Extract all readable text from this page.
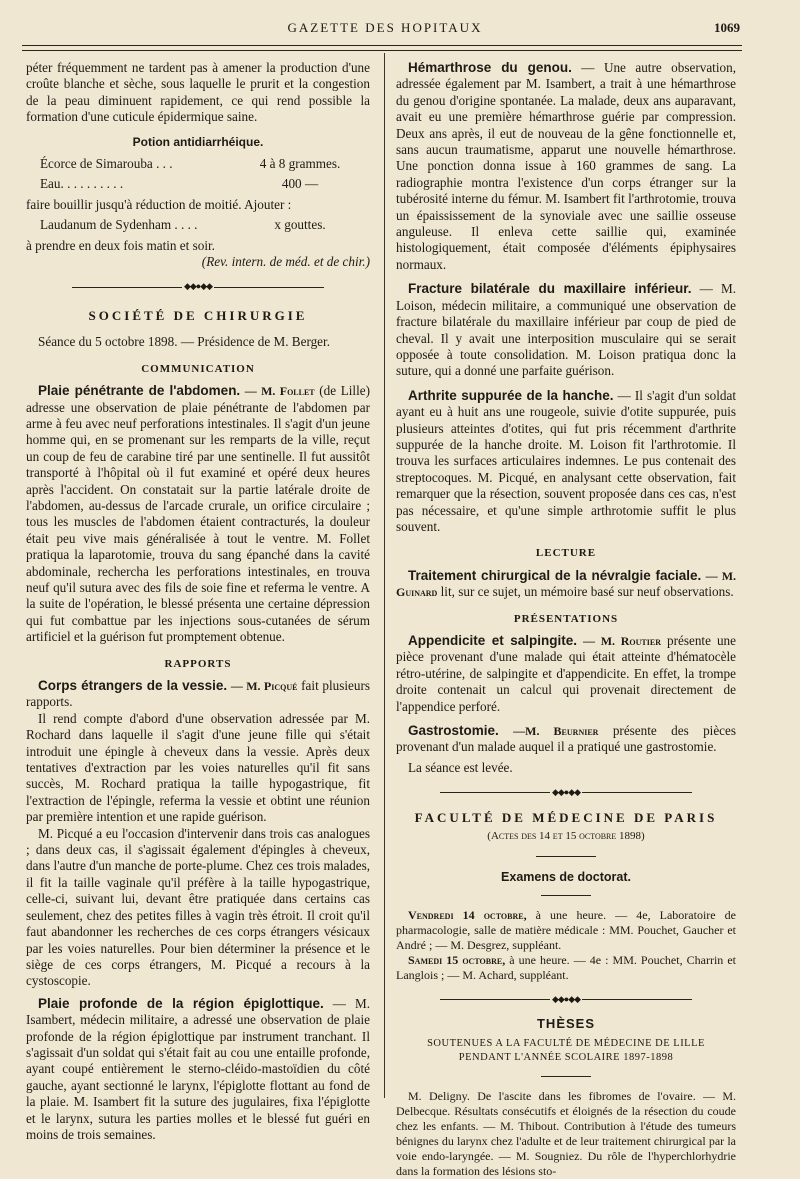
GAZETTE DES HOPITAUX	1069

péter fréquemment ne tardent pas à amener la production d'une croûte blanche et sèche, sous laquelle le prurit et la congestion de la peau diminuent rapidement, ce qui rend possible la formation d'une cuticule épidermique saine.

Potion antidiarrhéique.

Écorce de Simarouba . . .	4 à 8 grammes.
Eau. . . . . . . . . .	400 —

faire bouillir jusqu'à réduction de moitié. Ajouter :

Laudanum de Sydenham . . . .	x gouttes.

à prendre en deux fois matin et soir.

(Rev. intern. de méd. et de chir.)

◆◆●◆◆

SOCIÉTÉ DE CHIRURGIE

Séance du 5 octobre 1898. — Présidence de M. Berger.

COMMUNICATION

Plaie pénétrante de l'abdomen. — M. Follet (de Lille) adresse une observation de plaie pénétrante de l'abdomen par arme à feu avec neuf perforations intestinales. Il s'agit d'un jeune homme qui, en se promenant sur les remparts de la ville, reçut un coup de feu de carabine tiré par une sentinelle. Il fut aussitôt transporté à l'hôpital où il fut examiné et opéré deux heures après l'accident. On constatait sur la partie latérale droite de l'abdomen, au-dessus de l'arcade crurale, un orifice circulaire ; tous les muscles de l'abdomen étaient contracturés, la douleur était peu vive mais généralisée à tout le ventre. M. Follet pratiqua la laparotomie, trouva du sang épanché dans la cavité abdominale, rechercha les perforations intestinales, en trouva neuf qu'il sutura avec des fils de soie fine et referma le ventre. A la suite de l'opération, le blessé présenta une certaine dépression qui fut combattue par les injections sous-cutanées de sérum artificiel et la guérison fut promptement obtenue.

RAPPORTS

Corps étrangers de la vessie. — M. Picqué fait plusieurs rapports.

Il rend compte d'abord d'une observation adressée par M. Rochard dans laquelle il s'agit d'une jeune fille qui s'était introduit une épingle à cheveux dans la vessie. Après deux tentatives d'extraction par les voies naturelles qu'il fit sans succès, M. Rochard pratiqua la taille hypogastrique, fit l'extraction de l'épingle, referma la vessie et obtint une réunion par première intention et une rapide guérison.

M. Picqué a eu l'occasion d'intervenir dans trois cas analogues ; dans deux cas, il s'agissait également d'épingles à cheveux, dans l'autre d'un manche de porte-plume. Chez ces trois malades, il fit la taille vaginale qu'il préfère à la taille hypogastrique, celle-ci, suivant lui, devant être pratiquée dans certains cas seulement, chez des petites filles à vagin très étroit. Il croit qu'il faut abandonner les recherches de ces corps étrangers vésicaux par les voies naturelles. Pour bien déterminer la présence et le siège de ces corps étrangers, M. Picqué a recours à la cystoscopie.

Plaie profonde de la région épiglottique. — M. Isambert, médecin militaire, a adressé une observation de plaie profonde de la région épiglottique par instrument tranchant. Il s'agissait d'un soldat qui s'était fait au cou une entaille profonde, ayant coupé entièrement le sterno-cléido-mastoïdien du côté gauche, ayant sectionné le larynx, l'épiglotte flottant au fond de la plaie. M. Isambert fit la suture des jugulaires, fixa l'épiglotte et le larynx, sutura les parties molles et le blessé fut guéri en moins de trois semaines.

Hémarthrose du genou. — Une autre observation, adressée également par M. Isambert, a trait à une hémarthrose du genou d'origine spontanée. La malade, deux ans auparavant, avait eu une première hémarthrose guérie par compression. Deux ans après, il eut de nouveau de la gêne fonctionnelle et, sans aucun traumatisme, apparut une nouvelle hémarthrose. Une ponction donna issue à 160 grammes de sang. La radiographie montra l'existence d'un corps étranger sur la tubérosité interne du fémur. M. Isambert fit l'arthrotomie, trouva un épaississement de la synoviale avec une saillie osseuse anguleuse. Il enleva cette saillie qui, examinée histologiquement, était composée d'éléments épiphysaires normaux.

Fracture bilatérale du maxillaire inférieur. — M. Loison, médecin militaire, a communiqué une observation de fracture bilatérale du maxillaire inférieur par coup de pied de cheval. Il y avait une interposition musculaire qui se serait opposée à toute consolidation. M. Loison pratiqua donc la suture, qui a donné une parfaite guérison.

Arthrite suppurée de la hanche. — Il s'agit d'un soldat ayant eu à huit ans une rougeole, suivie d'otite suppurée, puis plusieurs atteintes d'otites, qui fut pris récemment d'arthrite suppurée de la hanche droite. M. Loison fit l'arthrotomie. Il trouva les surfaces articulaires indemnes. Le pus contenait des streptocoques. M. Picqué, en analysant cette observation, fait remarquer que la résection, souvent proposée dans ces cas, n'est pas nécessaire, et qu'une simple arthrotomie suffit le plus souvent.

LECTURE

Traitement chirurgical de la névralgie faciale. — M. Guinard lit, sur ce sujet, un mémoire basé sur neuf observations.

PRÉSENTATIONS

Appendicite et salpingite. — M. Routier présente une pièce provenant d'une malade qui était atteinte d'hématocèle rétro-utérine, de salpingite et d'appendicite. En effet, la trompe droite contenait un calcul qui provenait directement de l'appendice perforé.

Gastrostomie. —M. Beurnier présente des pièces provenant d'un malade auquel il a pratiqué une gastrostomie.

La séance est levée.

◆◆●◆◆

FACULTÉ DE MÉDECINE DE PARIS

(Actes des 14 et 15 octobre 1898)

Examens de doctorat.

Vendredi 14 octobre, à une heure. — 4e, Laboratoire de pharmacologie, salle de matière médicale : MM. Pouchet, Gaucher et André ; — M. Desgrez, suppléant.

Samedi 15 octobre, à une heure. — 4e : MM. Pouchet, Charrin et Langlois ; — M. Achard, suppléant.

◆◆●◆◆

THÈSES

SOUTENUES A LA FACULTÉ DE MÉDECINE DE LILLE

PENDANT L'ANNÉE SCOLAIRE 1897-1898

M. Deligny. De l'ascite dans les fibromes de l'ovaire. — M. Delbecque. Résultats consécutifs et éloignés de la résection du coude chez les enfants. — M. Thibout. Contribution à l'étude des tumeurs bénignes du larynx chez l'adulte et de leur traitement chirurgical par la voie endo-laryngée. — M. Sougniez. Du rôle de l'hyperchlorhydrie dans la formation des lésions sto-
